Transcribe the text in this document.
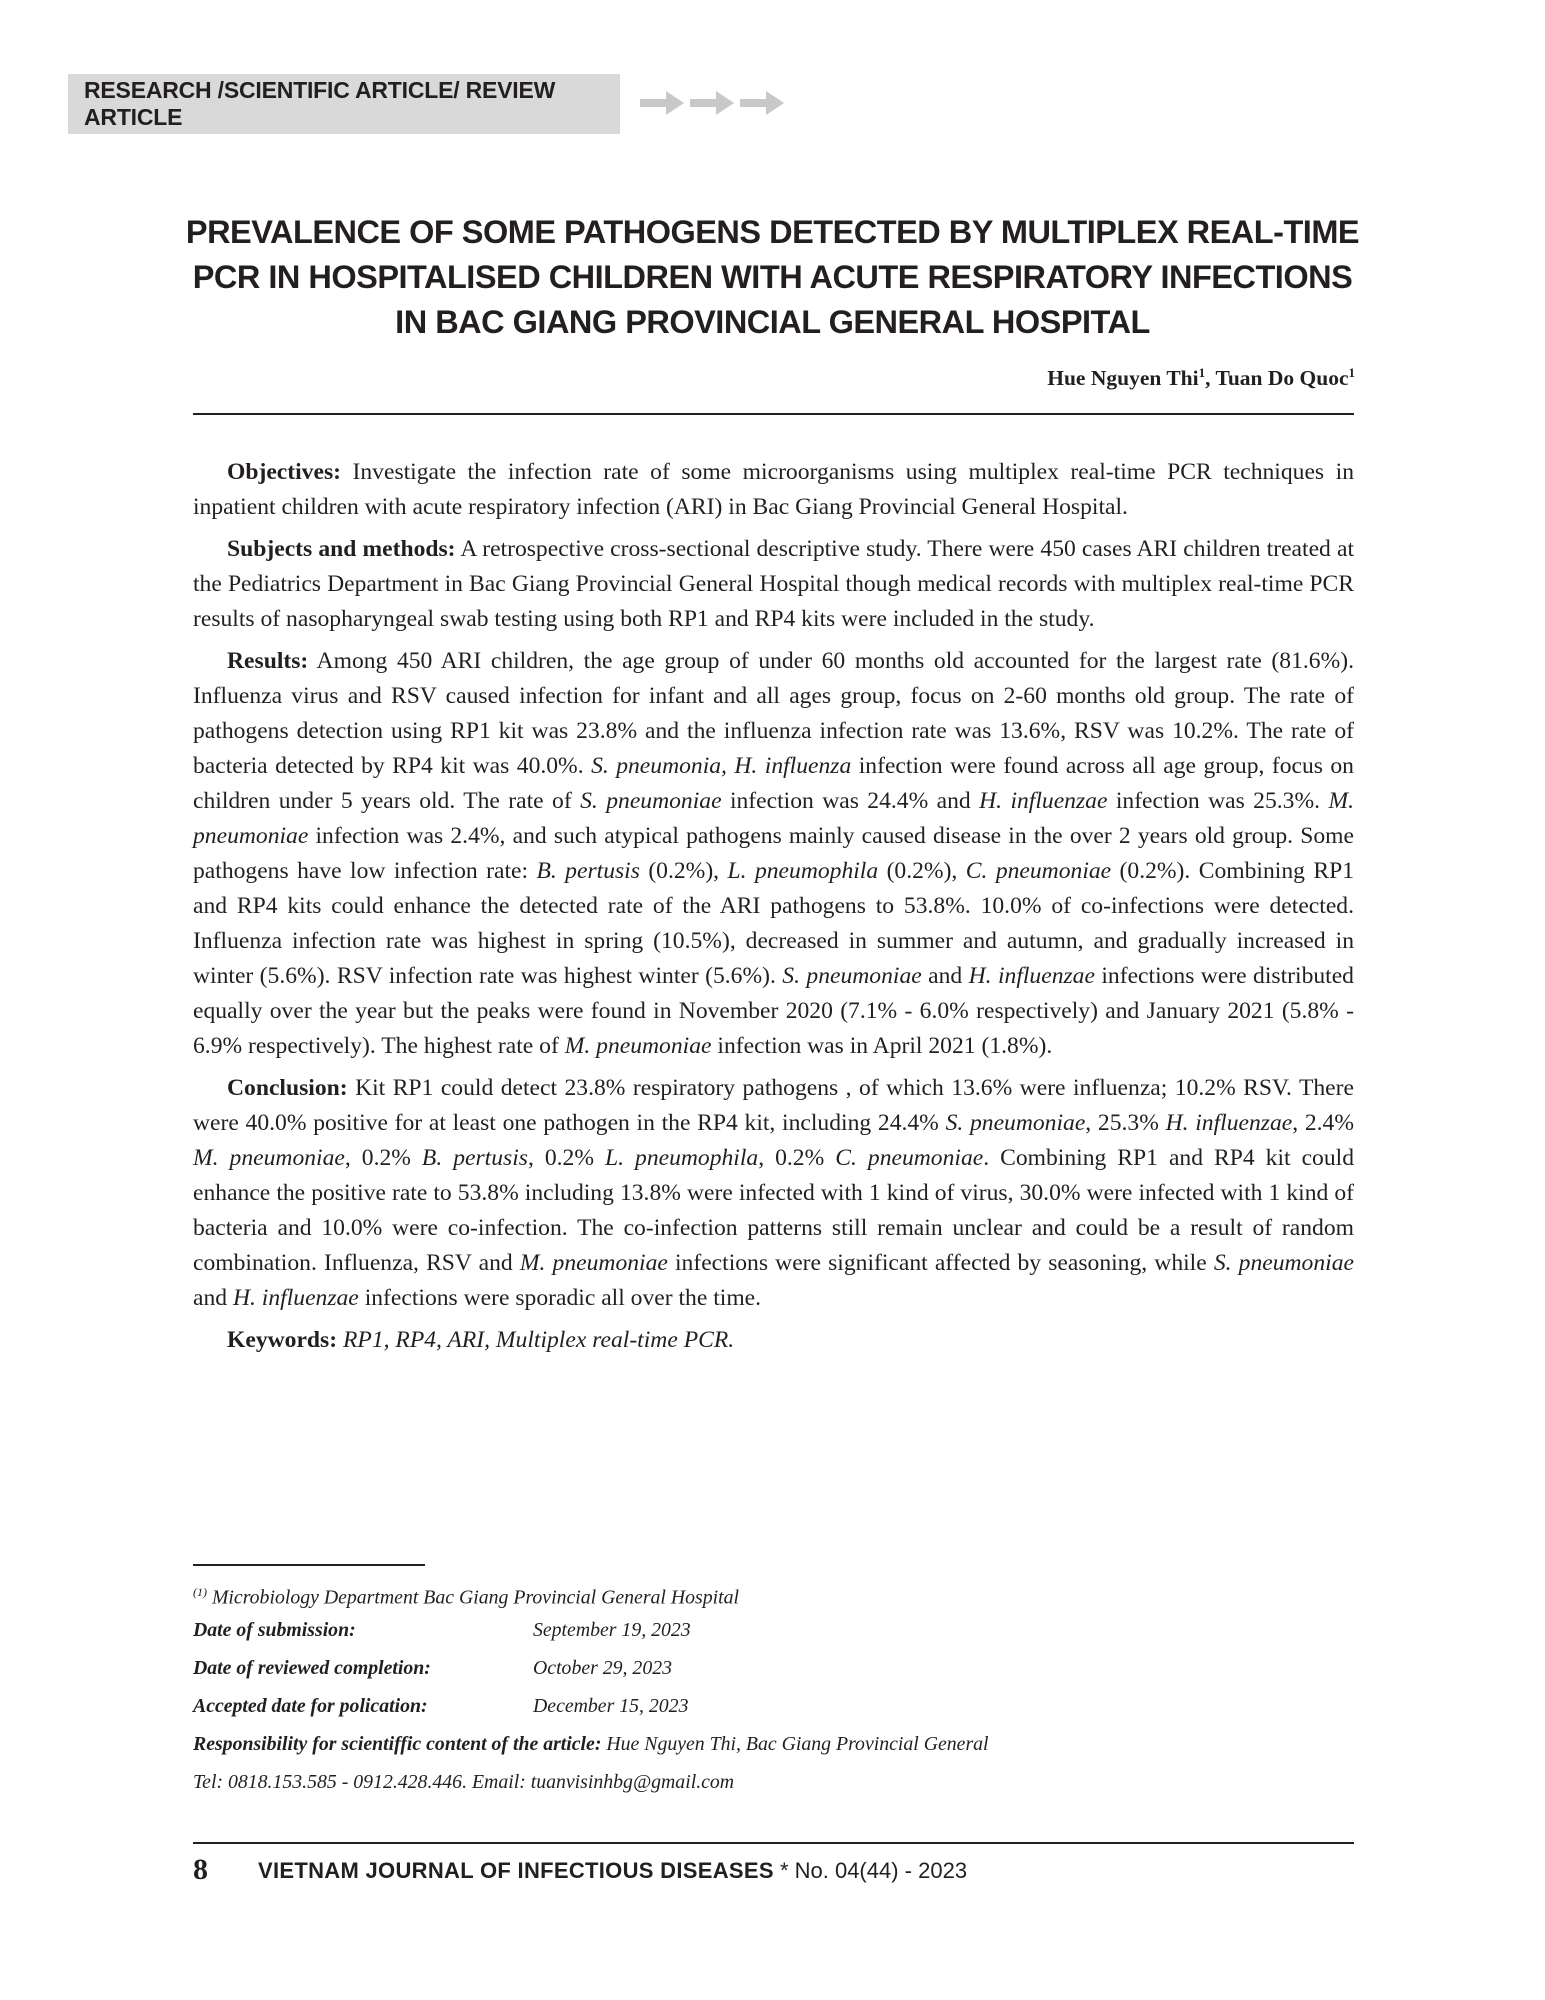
RESEARCH /SCIENTIFIC ARTICLE/ REVIEW ARTICLE
PREVALENCE OF SOME PATHOGENS DETECTED BY MULTIPLEX REAL-TIME
PCR IN HOSPITALISED CHILDREN WITH ACUTE RESPIRATORY INFECTIONS
IN BAC GIANG PROVINCIAL GENERAL HOSPITAL
Hue Nguyen Thi$^1$, Tuan Do Quoc$^1$

Objectives: Investigate the infection rate of some microorganisms using multiplex real-time PCR techniques in inpatient children with acute respiratory infection (ARI) in Bac Giang Provincial General Hospital.

Subjects and methods: A retrospective cross-sectional descriptive study. There were 450 cases ARI children treated at the Pediatrics Department in Bac Giang Provincial General Hospital though medical records with multiplex real-time PCR results of nasopharyngeal swab testing using both RP1 and RP4 kits were included in the study.

Results: Among 450 ARI children, the age group of under 60 months old accounted for the largest rate (81.6%). Influenza virus and RSV caused infection for infant and all ages group, focus on 2-60 months old group. The rate of pathogens detection using RP1 kit was 23.8% and the influenza infection rate was 13.6%, RSV was 10.2%. The rate of bacteria detected by RP4 kit was 40.0%. S. pneumonia, H. influenza infection were found across all age group, focus on children under 5 years old. The rate of S. pneumoniae infection was 24.4% and H. influenzae infection was 25.3%. M. pneumoniae infection was 2.4%, and such atypical pathogens mainly caused disease in the over 2 years old group. Some pathogens have low infection rate: B. pertusis (0.2%), L. pneumophila (0.2%), C. pneumoniae (0.2%). Combining RP1 and RP4 kits could enhance the detected rate of the ARI pathogens to 53.8%. 10.0% of co-infections were detected. Influenza infection rate was highest in spring (10.5%), decreased in summer and autumn, and gradually increased in winter (5.6%). RSV infection rate was highest winter (5.6%). S. pneumoniae and H. influenzae infections were distributed equally over the year but the peaks were found in November 2020 (7.1% - 6.0% respectively) and January 2021 (5.8% - 6.9% respectively). The highest rate of M. pneumoniae infection was in April 2021 (1.8%).

Conclusion: Kit RP1 could detect 23.8% respiratory pathogens , of which 13.6% were influenza; 10.2% RSV. There were 40.0% positive for at least one pathogen in the RP4 kit, including 24.4% S. pneumoniae, 25.3% H. influenzae, 2.4% M. pneumoniae, 0.2% B. pertusis, 0.2% L. pneumophila, 0.2% C. pneumoniae. Combining RP1 and RP4 kit could enhance the positive rate to 53.8% including 13.8% were infected with 1 kind of virus, 30.0% were infected with 1 kind of bacteria and 10.0% were co-infection. The co-infection patterns still remain unclear and could be a result of random combination. Influenza, RSV and M. pneumoniae infections were significant affected by seasoning, while S. pneumoniae and H. influenzae infections were sporadic all over the time.

Keywords: RP1, RP4, ARI, Multiplex real-time PCR.

$^{(1)}$ Microbiology Department Bac Giang Provincial General Hospital
Date of submission:	September 19, 2023
Date of reviewed completion:	October 29, 2023
Accepted date for polication:	December 15, 2023
Responsibility for scientiffic content of the article: Hue Nguyen Thi, Bac Giang Provincial General
Tel: 0818.153.585 - 0912.428.446. Email: tuanvisinhbg@gmail.com
8 VIETNAM JOURNAL OF INFECTIOUS DISEASES * No. 04(44) - 2023
